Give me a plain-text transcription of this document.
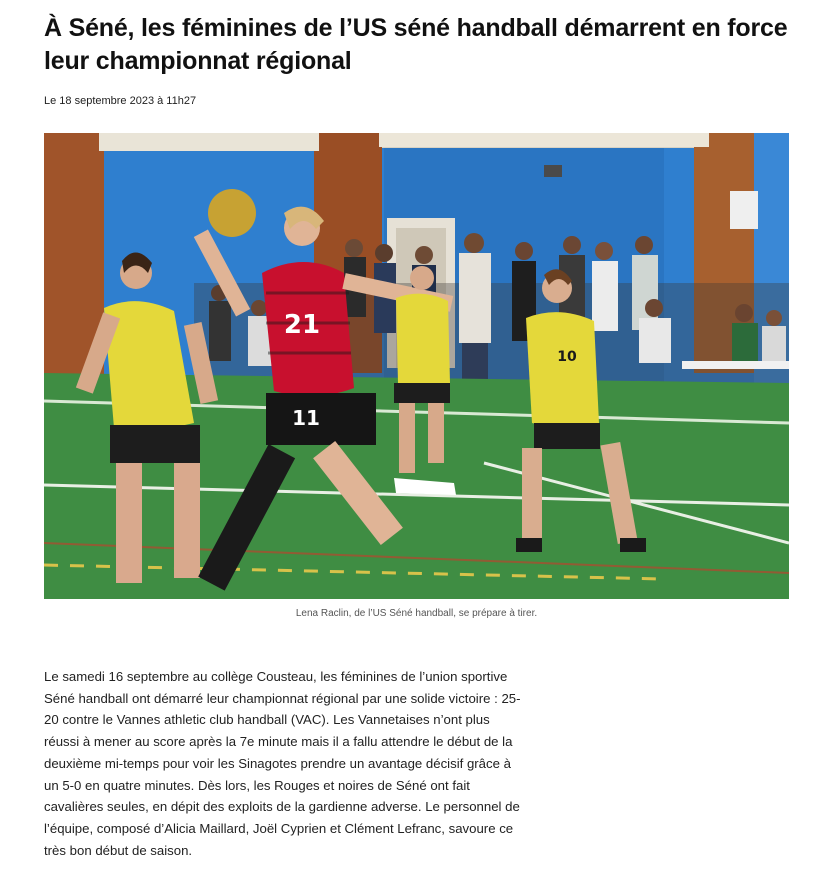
À Séné, les féminines de l’US séné handball démarrent en force leur championnat régional
Le 18 septembre 2023 à 11h27
21
11
10
Lena Raclin, de l’US Séné handball, se prépare à tirer.

Le samedi 16 septembre au collège Cousteau, les féminines de l’union sportive Séné handball ont démarré leur championnat régional par une solide victoire : 25-20 contre le Vannes athletic club handball (VAC). Les Vannetaises n’ont plus réussi à mener au score après la 7e minute mais il a fallu attendre le début de la deuxième mi-temps pour voir les Sinagotes prendre un avantage décisif grâce à un 5-0 en quatre minutes. Dès lors, les Rouges et noires de Séné ont fait cavalières seules, en dépit des exploits de la gardienne adverse. Le personnel de l’équipe, composé d’Alicia Maillard, Joël Cyprien et Clément Lefranc, savoure ce très bon début de saison.
